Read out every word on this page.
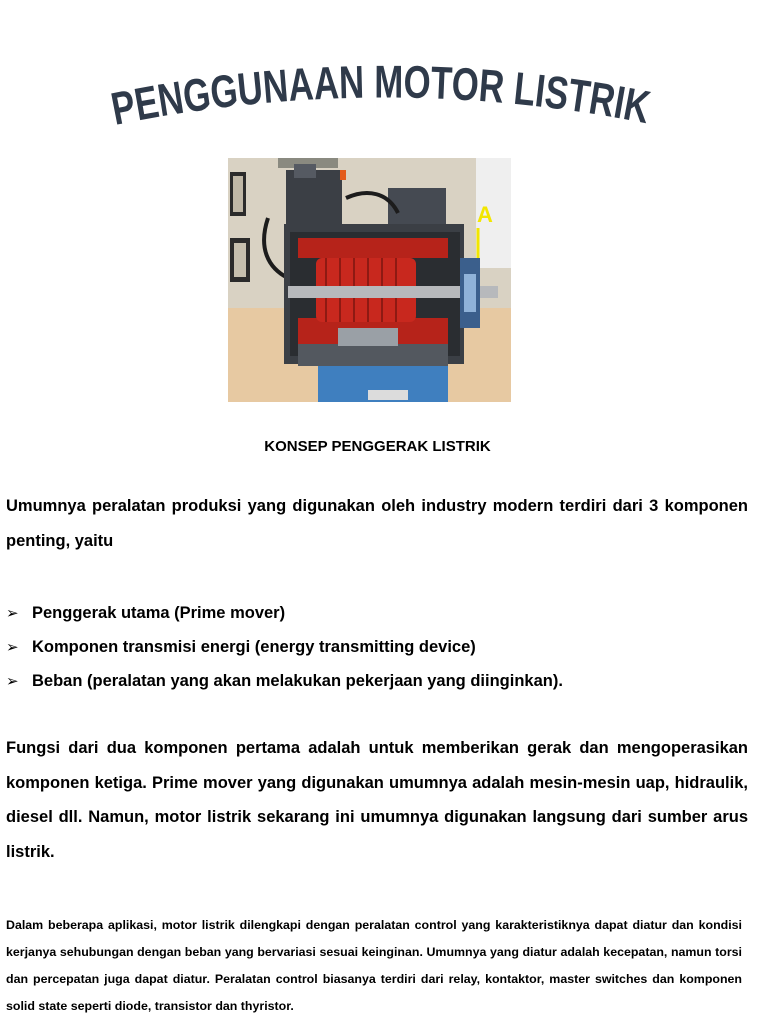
PENGGUNAAN MOTOR LISTRIK
A
KONSEP PENGGERAK LISTRIK

Umumnya peralatan produksi yang digunakan oleh industry modern terdiri dari 3 komponen penting, yaitu

➢ Penggerak utama (Prime mover)
➢ Komponen transmisi energi (energy transmitting device)
➢ Beban (peralatan yang akan melakukan pekerjaan yang diinginkan).

Fungsi dari dua komponen pertama adalah untuk memberikan gerak dan mengoperasikan komponen ketiga. Prime mover yang digunakan umumnya adalah mesin-mesin uap, hidraulik, diesel dll. Namun, motor listrik sekarang ini umumnya digunakan langsung dari sumber arus listrik.

Dalam beberapa aplikasi, motor listrik dilengkapi dengan peralatan control yang karakteristiknya dapat diatur dan kondisi kerjanya sehubungan dengan beban yang bervariasi sesuai keinginan. Umumnya yang diatur adalah kecepatan, namun torsi dan percepatan juga dapat diatur. Peralatan control biasanya terdiri dari relay, kontaktor, master switches dan komponen solid state seperti diode, transistor dan thyristor.
